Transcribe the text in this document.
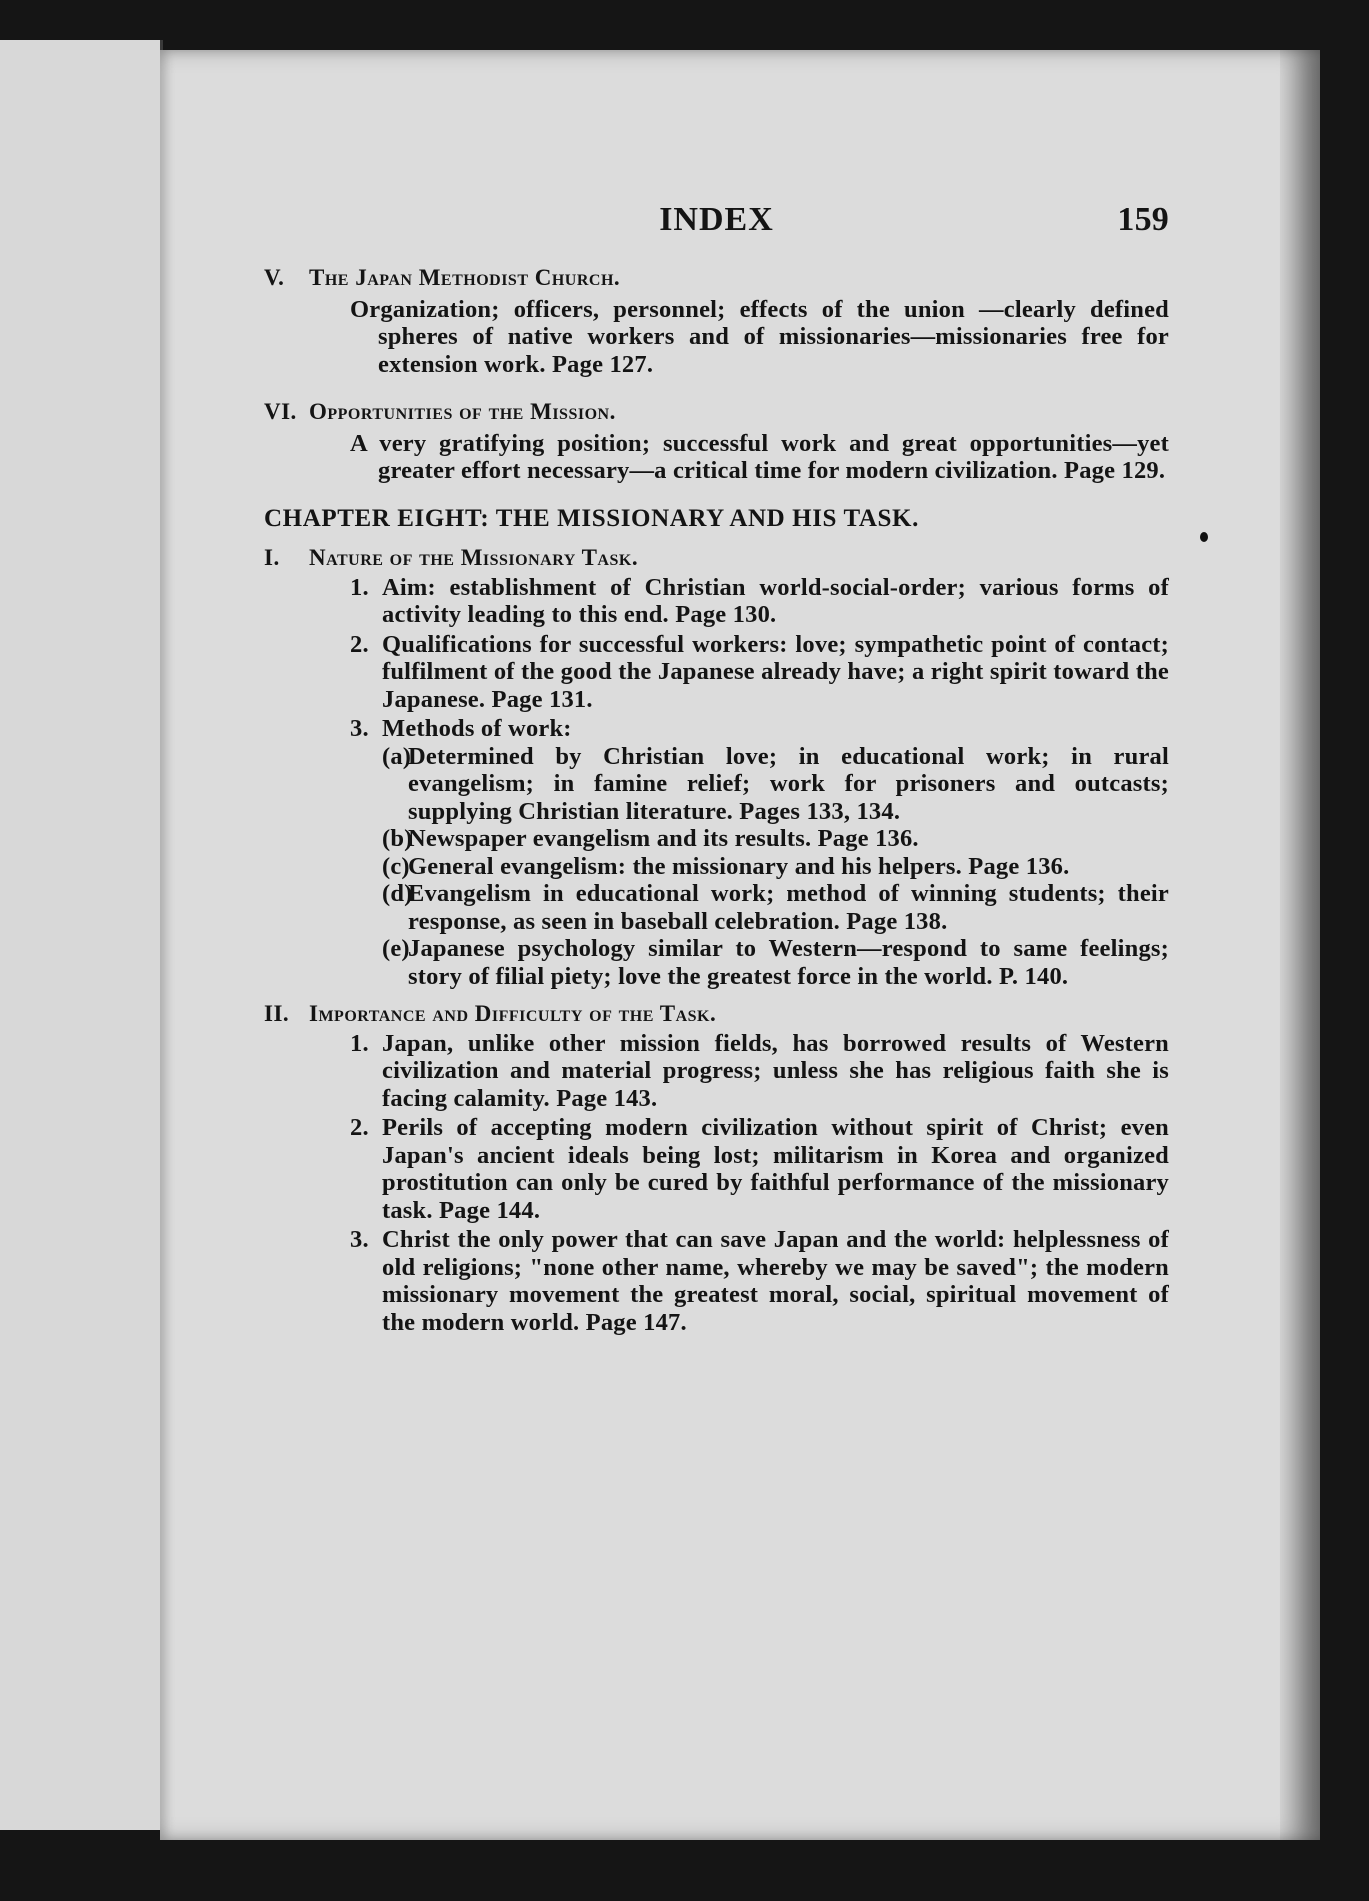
INDEX	159
V. The Japan Methodist Church.
Organization; officers, personnel; effects of the union —clearly defined spheres of native workers and of missionaries—missionaries free for extension work. Page 127.
VI. Opportunities of the Mission.
A very gratifying position; successful work and great opportunities—yet greater effort necessary—a critical time for modern civilization. Page 129.
CHAPTER EIGHT: THE MISSIONARY AND HIS TASK.
I. Nature of the Missionary Task.
1. Aim: establishment of Christian world-social-order; various forms of activity leading to this end. Page 130.
2. Qualifications for successful workers: love; sympathetic point of contact; fulfilment of the good the Japanese already have; a right spirit toward the Japanese. Page 131.
3. Methods of work:
(a)
Determined by Christian love; in educational work; in rural evangelism; in famine relief; work for prisoners and outcasts; supplying Christian literature. Pages 133, 134.
(b)
Newspaper evangelism and its results. Page 136.
(c)
General evangelism: the missionary and his helpers. Page 136.
(d)
Evangelism in educational work; method of winning students; their response, as seen in baseball celebration. Page 138.
(e)
Japanese psychology similar to Western—respond to same feelings; story of filial piety; love the greatest force in the world. P. 140.
II. Importance and Difficulty of the Task.
1. Japan, unlike other mission fields, has borrowed results of Western civilization and material progress; unless she has religious faith she is facing calamity. Page 143.
2. Perils of accepting modern civilization without spirit of Christ; even Japan's ancient ideals being lost; militarism in Korea and organized prostitution can only be cured by faithful performance of the missionary task. Page 144.
3. Christ the only power that can save Japan and the world: helplessness of old religions; "none other name, whereby we may be saved"; the modern missionary movement the greatest moral, social, spiritual movement of the modern world. Page 147.
